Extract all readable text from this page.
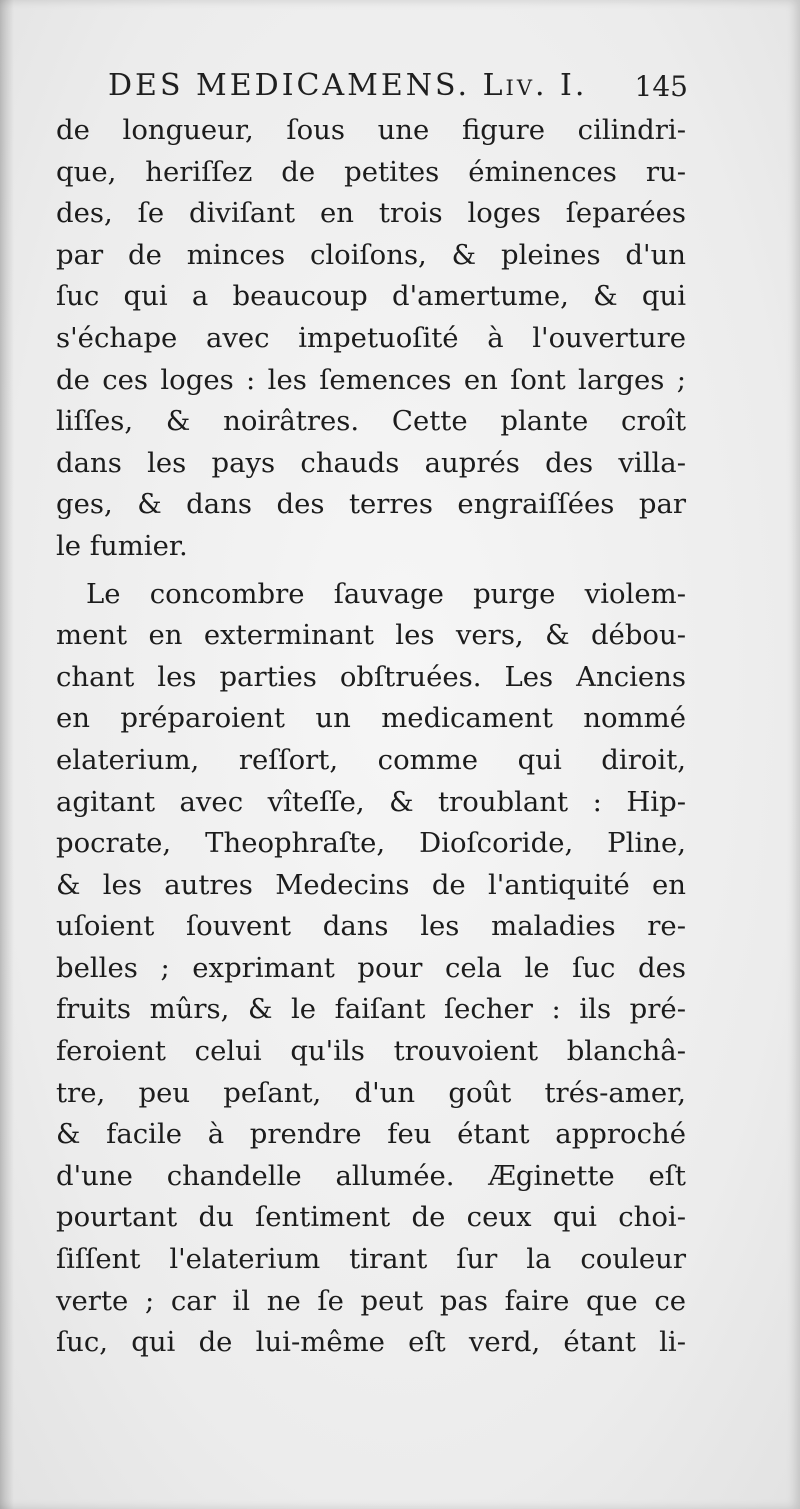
DES MEDICAMENS. Liv. I. 145
de longueur, ſous une figure cilindri-
que, heriſſez de petites éminences ru-
des, ſe diviſant en trois loges ſeparées
par de minces cloiſons, & pleines d'un
ſuc qui a beaucoup d'amertume, & qui
s'échape avec impetuoſité à l'ouverture
de ces loges : les ſemences en ſont larges ;
liſſes, & noirâtres. Cette plante croît
dans les pays chauds auprés des villa-
ges, & dans des terres engraiſſées par
le fumier.
Le concombre ſauvage purge violem-
ment en exterminant les vers, & débou-
chant les parties obſtruées. Les Anciens
en préparoient un medicament nommé
elaterium, reſſort, comme qui diroit,
agitant avec vîteſſe, & troublant : Hip-
pocrate, Theophraſte, Dioſcoride, Pline,
& les autres Medecins de l'antiquité en
uſoient ſouvent dans les maladies re-
belles ; exprimant pour cela le ſuc des
fruits mûrs, & le faiſant ſecher : ils pré-
feroient celui qu'ils trouvoient blanchâ-
tre, peu peſant, d'un goût trés-amer,
& facile à prendre feu étant approché
d'une chandelle allumée. Æginette eſt
pourtant du ſentiment de ceux qui choi-
ſiſſent l'elaterium tirant ſur la couleur
verte ; car il ne ſe peut pas faire que ce
ſuc, qui de lui-même eſt verd, étant li-
